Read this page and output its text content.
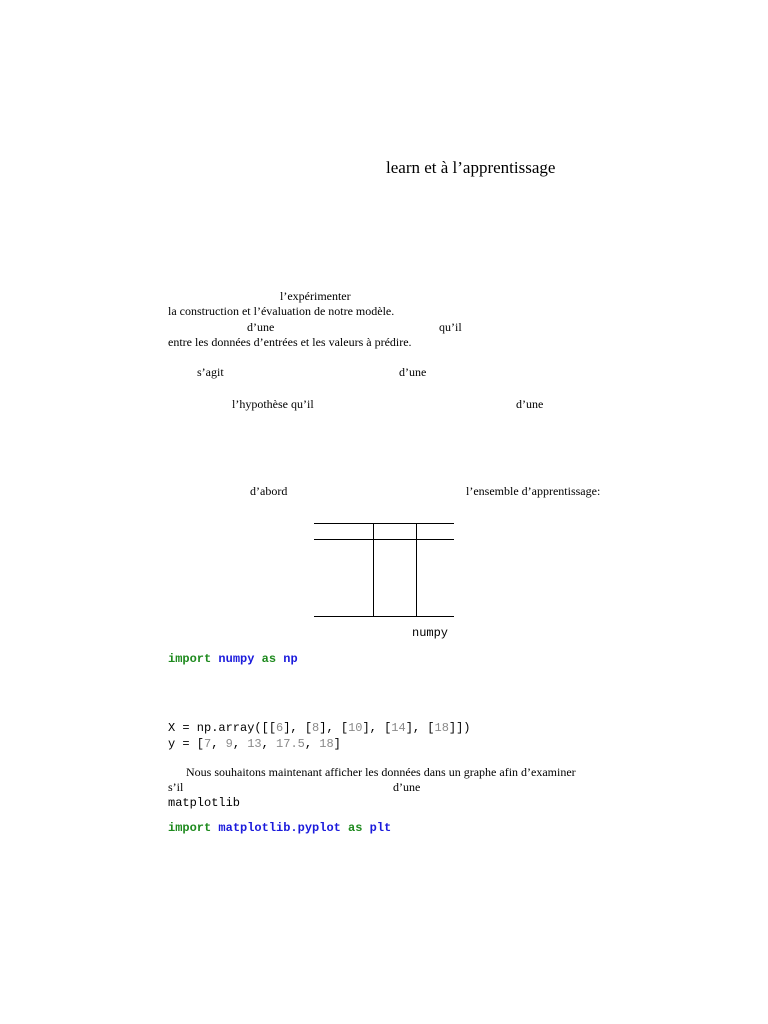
learn et à l’apprentissage
l’expérimenter
la construction et l’évaluation de notre modèle.
d’une	qu’il
entre les données d’entrées et les valeurs à prédire.
s’agit	d’une
l’hypothèse qu’il	d’une
d’abord	l’ensemble d’apprentissage:
numpy
import numpy as np
X = np.array([[6], [8], [10], [14], [18]])
y = [7, 9, 13, 17.5, 18]
Nous souhaitons maintenant afficher les données dans un graphe afin d’examiner
s’il	d’une
matplotlib
import matplotlib.pyplot as plt
